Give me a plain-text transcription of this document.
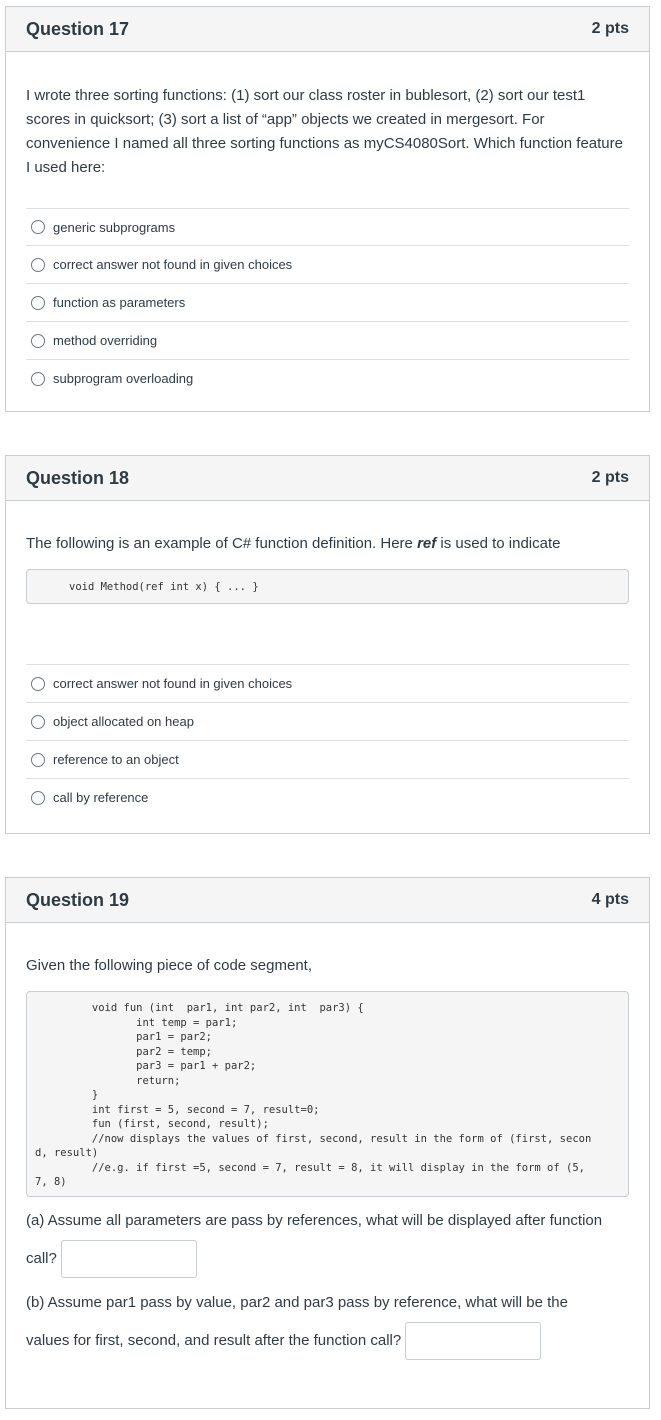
Question 17	2 pts
I wrote three sorting functions: (1) sort our class roster in bublesort, (2) sort our test1 scores in quicksort; (3) sort a list of “app” objects we created in mergesort. For convenience I named all three sorting functions as myCS4080Sort. Which function feature I used here:
generic subprograms
correct answer not found in given choices
function as parameters
method overriding
subprogram overloading
Question 18	2 pts
The following is an example of C# function definition. Here ref is used to indicate
void Method(ref int x) { ... }
correct answer not found in given choices
object allocated on heap
reference to an object
call by reference
Question 19	4 pts
Given the following piece of code segment,
void fun (int  par1, int par2, int  par3) {
int temp = par1;
par1 = par2;
par2 = temp;
par3 = par1 + par2;
return;
}
int first = 5, second = 7, result=0;
fun (first, second, result);
//now displays the values of first, second, result in the form of (first, secon
d, result)
//e.g. if first =5, second = 7, result = 8, it will display in the form of (5,
7, 8)
(a) Assume all parameters are pass by references, what will be displayed after function
call?
(b) Assume par1 pass by value, par2 and par3 pass by reference, what will be the
values for first, second, and result after the function call?
